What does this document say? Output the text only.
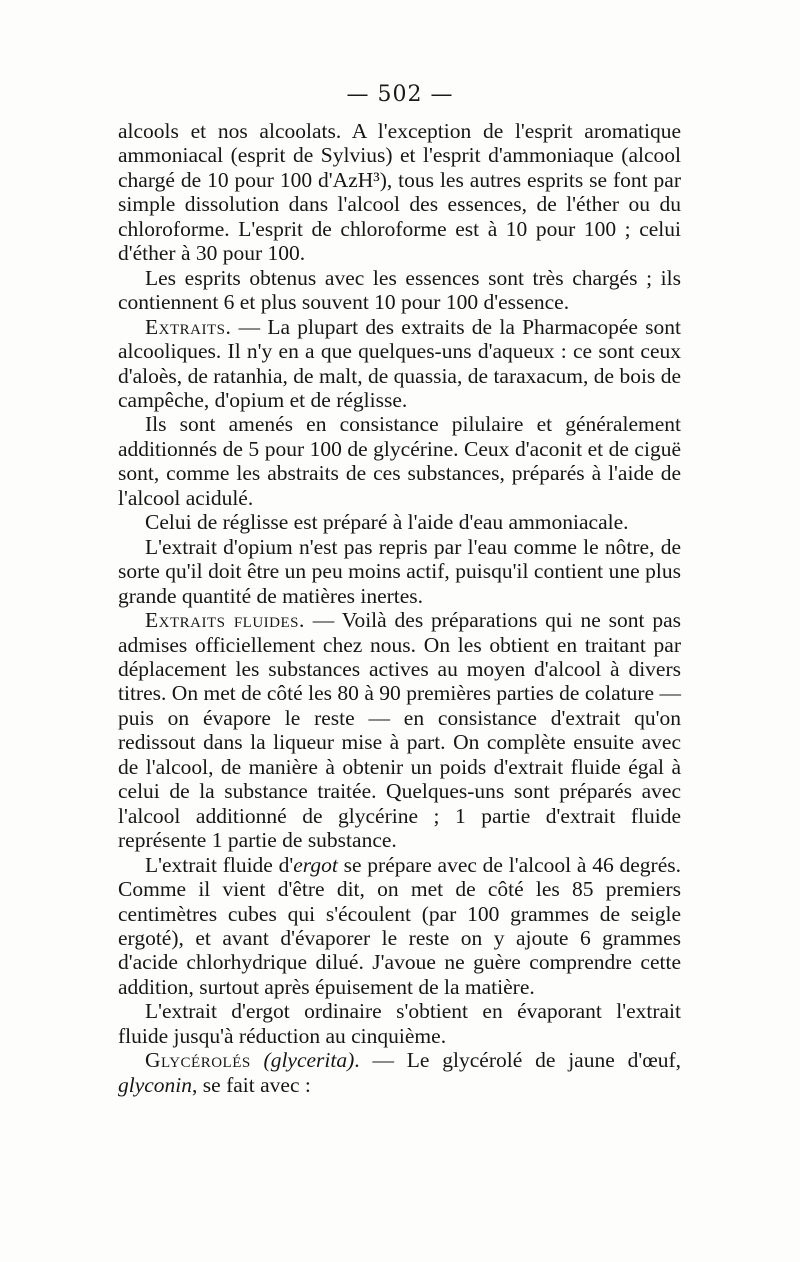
— 502 —

alcools et nos alcoolats. A l'exception de l'esprit aromatique ammoniacal (esprit de Sylvius) et l'esprit d'ammoniaque (alcool chargé de 10 pour 100 d'AzH³), tous les autres esprits se font par simple dissolution dans l'alcool des essences, de l'éther ou du chloroforme. L'esprit de chloroforme est à 10 pour 100 ; celui d'éther à 30 pour 100.

Les esprits obtenus avec les essences sont très chargés ; ils contiennent 6 et plus souvent 10 pour 100 d'essence.

Extraits. — La plupart des extraits de la Pharmacopée sont alcooliques. Il n'y en a que quelques-uns d'aqueux : ce sont ceux d'aloès, de ratanhia, de malt, de quassia, de taraxacum, de bois de campêche, d'opium et de réglisse.

Ils sont amenés en consistance pilulaire et généralement additionnés de 5 pour 100 de glycérine. Ceux d'aconit et de ciguë sont, comme les abstraits de ces substances, préparés à l'aide de l'alcool acidulé.

Celui de réglisse est préparé à l'aide d'eau ammoniacale.

L'extrait d'opium n'est pas repris par l'eau comme le nôtre, de sorte qu'il doit être un peu moins actif, puisqu'il contient une plus grande quantité de matières inertes.

Extraits fluides. — Voilà des préparations qui ne sont pas admises officiellement chez nous. On les obtient en traitant par déplacement les substances actives au moyen d'alcool à divers titres. On met de côté les 80 à 90 premières parties de colature — puis on évapore le reste — en consistance d'extrait qu'on redissout dans la liqueur mise à part. On complète ensuite avec de l'alcool, de manière à obtenir un poids d'extrait fluide égal à celui de la substance traitée. Quelques-uns sont préparés avec l'alcool additionné de glycérine ; 1 partie d'extrait fluide représente 1 partie de substance.

L'extrait fluide d'ergot se prépare avec de l'alcool à 46 degrés. Comme il vient d'être dit, on met de côté les 85 premiers centimètres cubes qui s'écoulent (par 100 grammes de seigle ergoté), et avant d'évaporer le reste on y ajoute 6 grammes d'acide chlorhydrique dilué. J'avoue ne guère comprendre cette addition, surtout après épuisement de la matière.

L'extrait d'ergot ordinaire s'obtient en évaporant l'extrait fluide jusqu'à réduction au cinquième.

Glycérolés (glycerita). — Le glycérolé de jaune d'œuf, glyconin, se fait avec :
